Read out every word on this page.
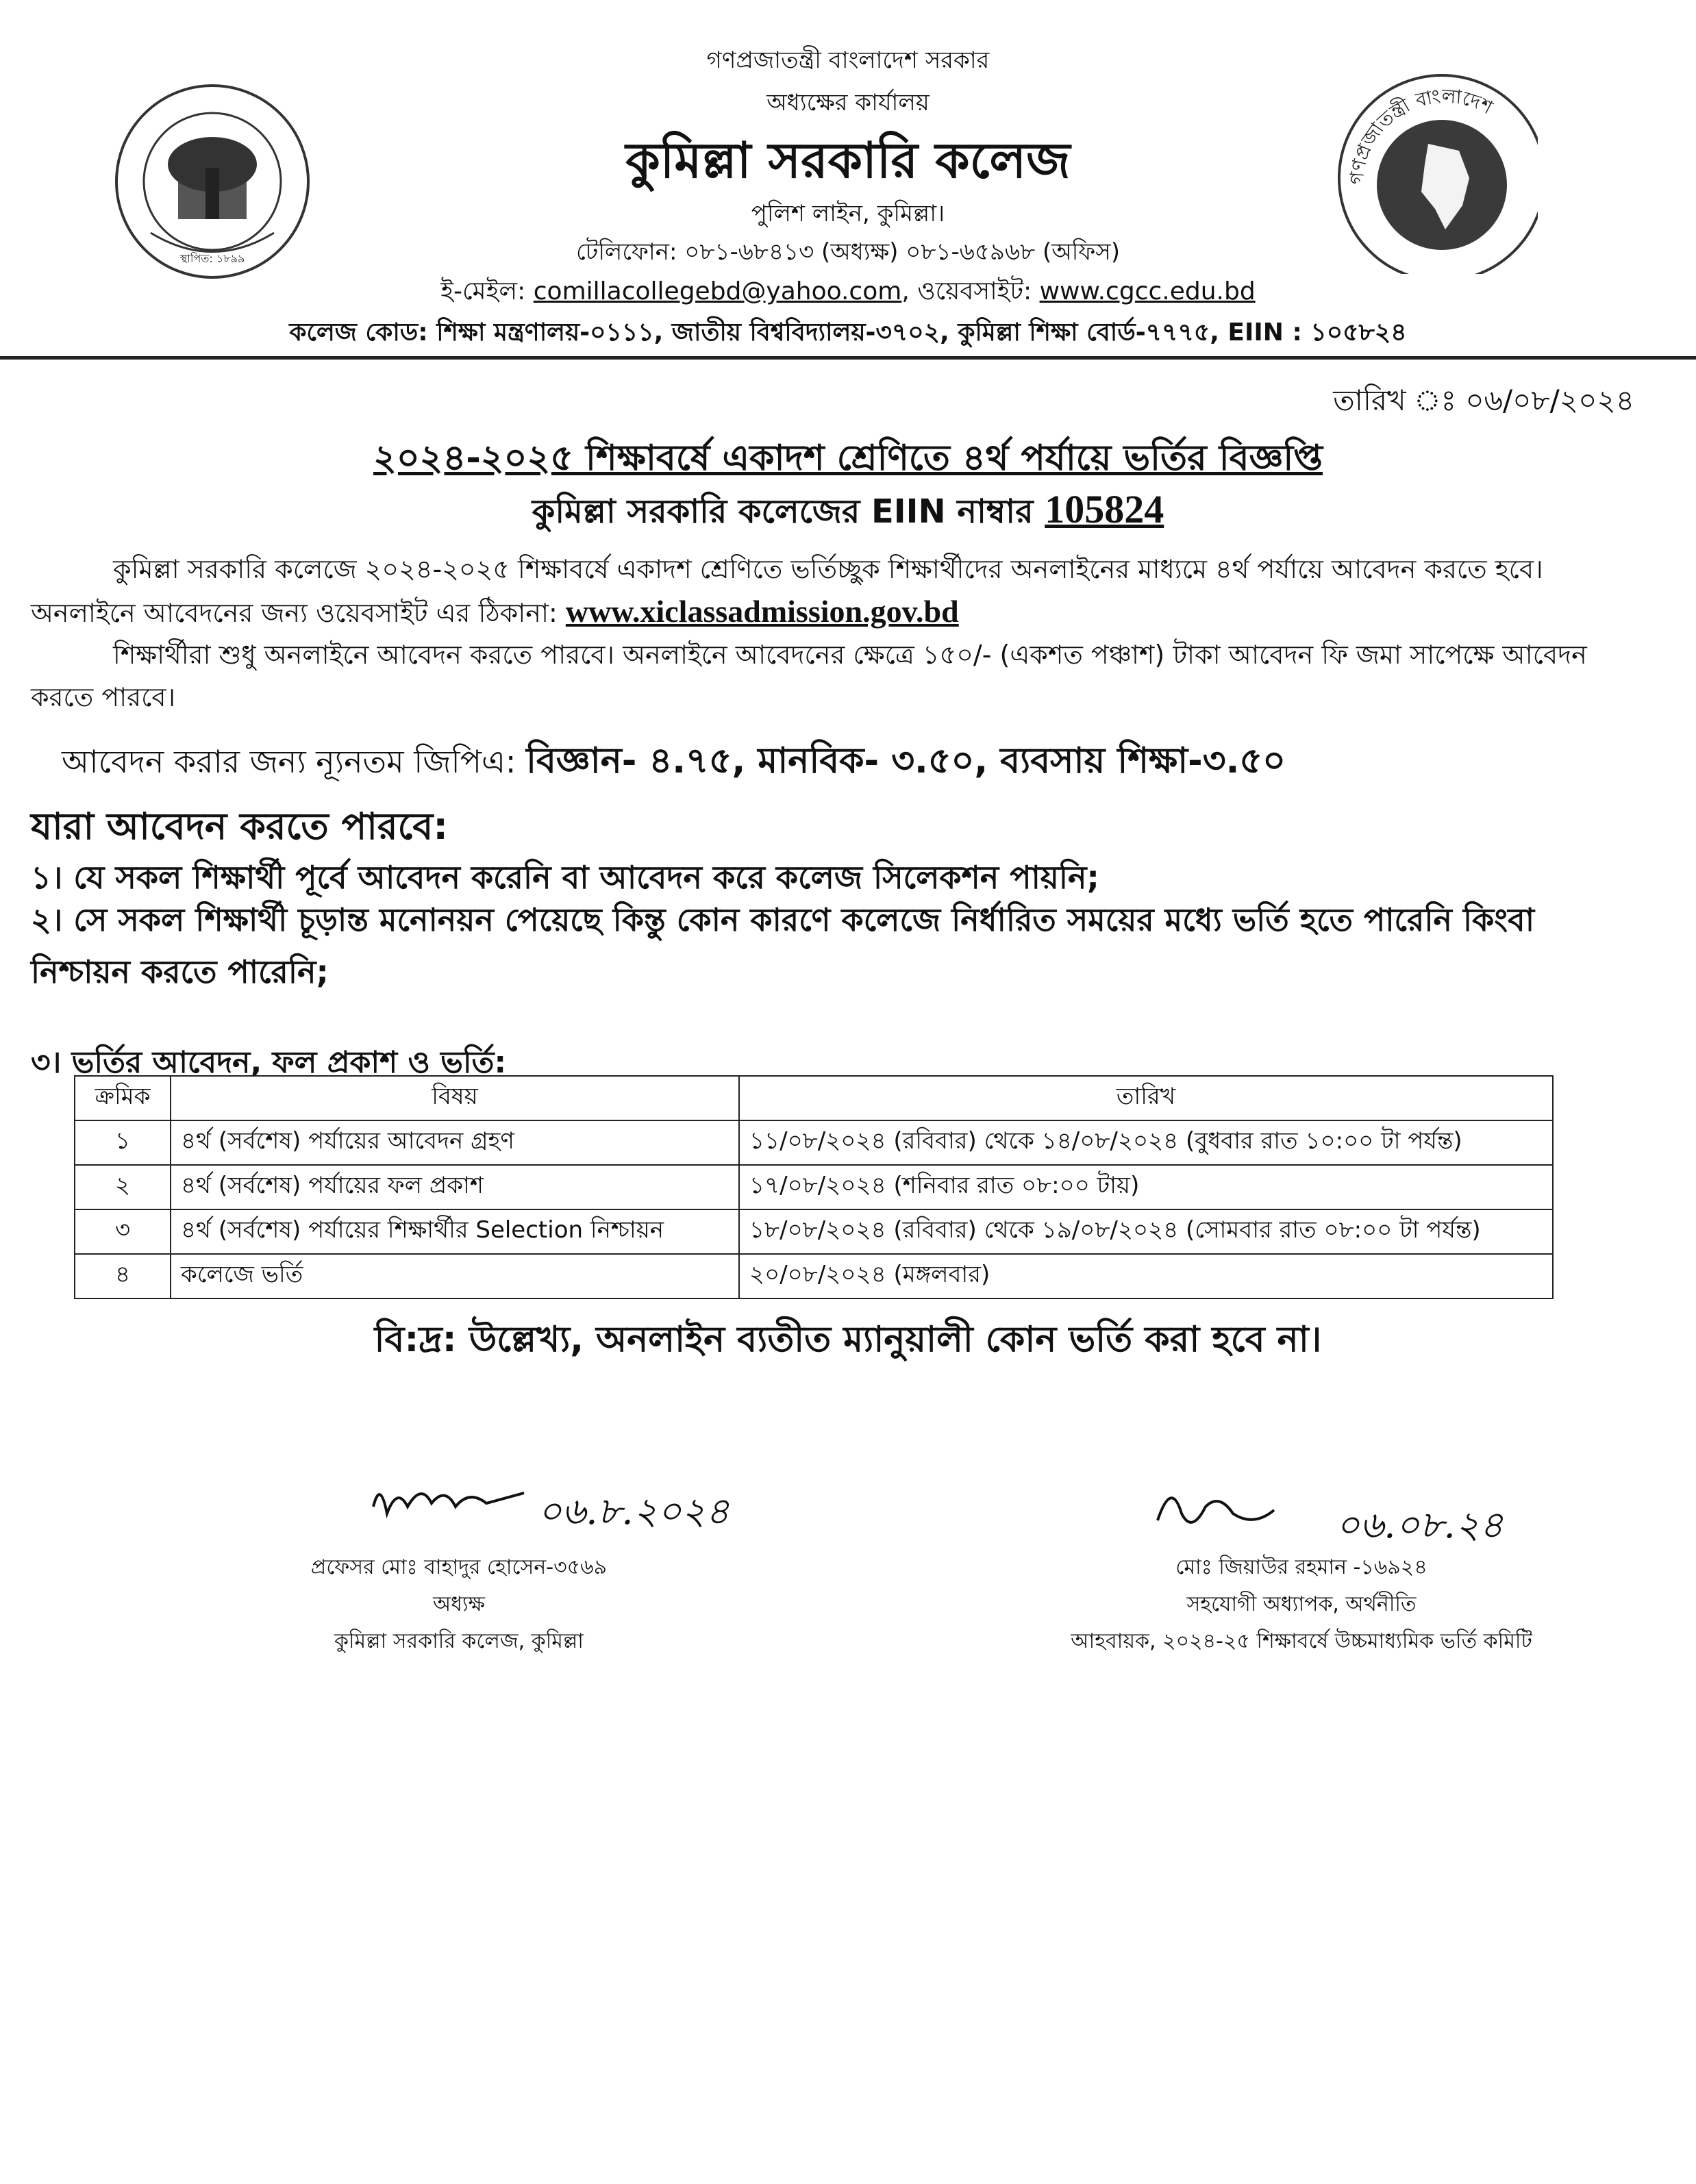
স্থাপিত: ১৮৯৯
গণপ্রজাতন্ত্রী বাংলাদেশ
গণপ্রজাতন্ত্রী বাংলাদেশ সরকার
অধ্যক্ষের কার্যালয়
কুমিল্লা সরকারি কলেজ
পুলিশ লাইন, কুমিল্লা।
টেলিফোন: ০৮১-৬৮৪১৩ (অধ্যক্ষ) ০৮১-৬৫৯৬৮ (অফিস)
ই-মেইল: comillacollegebd@yahoo.com, ওয়েবসাইট: www.cgcc.edu.bd
কলেজ কোড: শিক্ষা মন্ত্রণালয়-০১১১, জাতীয় বিশ্ববিদ্যালয়-৩৭০২, কুমিল্লা শিক্ষা বোর্ড-৭৭৭৫, EIIN : ১০৫৮২৪
তারিখ ঃ ০৬/০৮/২০২৪
২০২৪-২০২৫ শিক্ষাবর্ষে একাদশ শ্রেণিতে ৪র্থ পর্যায়ে ভর্তির বিজ্ঞপ্তি
কুমিল্লা সরকারি কলেজের EIIN নাম্বার 105824
কুমিল্লা সরকারি কলেজে ২০২৪-২০২৫ শিক্ষাবর্ষে একাদশ শ্রেণিতে ভর্তিচ্ছুক শিক্ষার্থীদের অনলাইনের মাধ্যমে ৪র্থ পর্যায়ে আবেদন করতে হবে। অনলাইনে আবেদনের জন্য ওয়েবসাইট এর ঠিকানা: www.xiclassadmission.gov.bd
শিক্ষার্থীরা শুধু অনলাইনে আবেদন করতে পারবে। অনলাইনে আবেদনের ক্ষেত্রে ১৫০/- (একশত পঞ্চাশ) টাকা আবেদন ফি জমা সাপেক্ষে আবেদন করতে পারবে।
আবেদন করার জন্য ন্যূনতম জিপিএ: বিজ্ঞান- ৪.৭৫, মানবিক- ৩.৫০, ব্যবসায় শিক্ষা-৩.৫০
যারা আবেদন করতে পারবে:
১। যে সকল শিক্ষার্থী পূর্বে আবেদন করেনি বা আবেদন করে কলেজ সিলেকশন পায়নি;
২। সে সকল শিক্ষার্থী চূড়ান্ত মনোনয়ন পেয়েছে কিন্তু কোন কারণে কলেজে নির্ধারিত সময়ের মধ্যে ভর্তি হতে পারেনি কিংবা নিশ্চায়ন করতে পারেনি;
৩। ভর্তির আবেদন, ফল প্রকাশ ও ভর্তি:
ক্রমিক	বিষয়	তারিখ
১	৪র্থ (সর্বশেষ) পর্যায়ের আবেদন গ্রহণ	১১/০৮/২০২৪ (রবিবার) থেকে ১৪/০৮/২০২৪ (বুধবার রাত ১০:০০ টা পর্যন্ত)
২	৪র্থ (সর্বশেষ) পর্যায়ের ফল প্রকাশ	১৭/০৮/২০২৪ (শনিবার রাত ০৮:০০ টায়)
৩	৪র্থ (সর্বশেষ) পর্যায়ের শিক্ষার্থীর Selection নিশ্চায়ন	১৮/০৮/২০২৪ (রবিবার) থেকে ১৯/০৮/২০২৪ (সোমবার রাত ০৮:০০ টা পর্যন্ত)
৪	কলেজে ভর্তি	২০/০৮/২০২৪ (মঙ্গলবার)
বি:দ্র: উল্লেখ্য, অনলাইন ব্যতীত ম্যানুয়ালী কোন ভর্তি করা হবে না।
০৬.৮.২০২৪	০৬.০৮.২৪
প্রফেসর মোঃ বাহাদুর হোসেন-৩৫৬৯
অধ্যক্ষ
কুমিল্লা সরকারি কলেজ, কুমিল্লা
মোঃ জিয়াউর রহমান -১৬৯২৪
সহযোগী অধ্যাপক, অর্থনীতি
আহবায়ক, ২০২৪-২৫ শিক্ষাবর্ষে উচ্চমাধ্যমিক ভর্তি কমিটি
